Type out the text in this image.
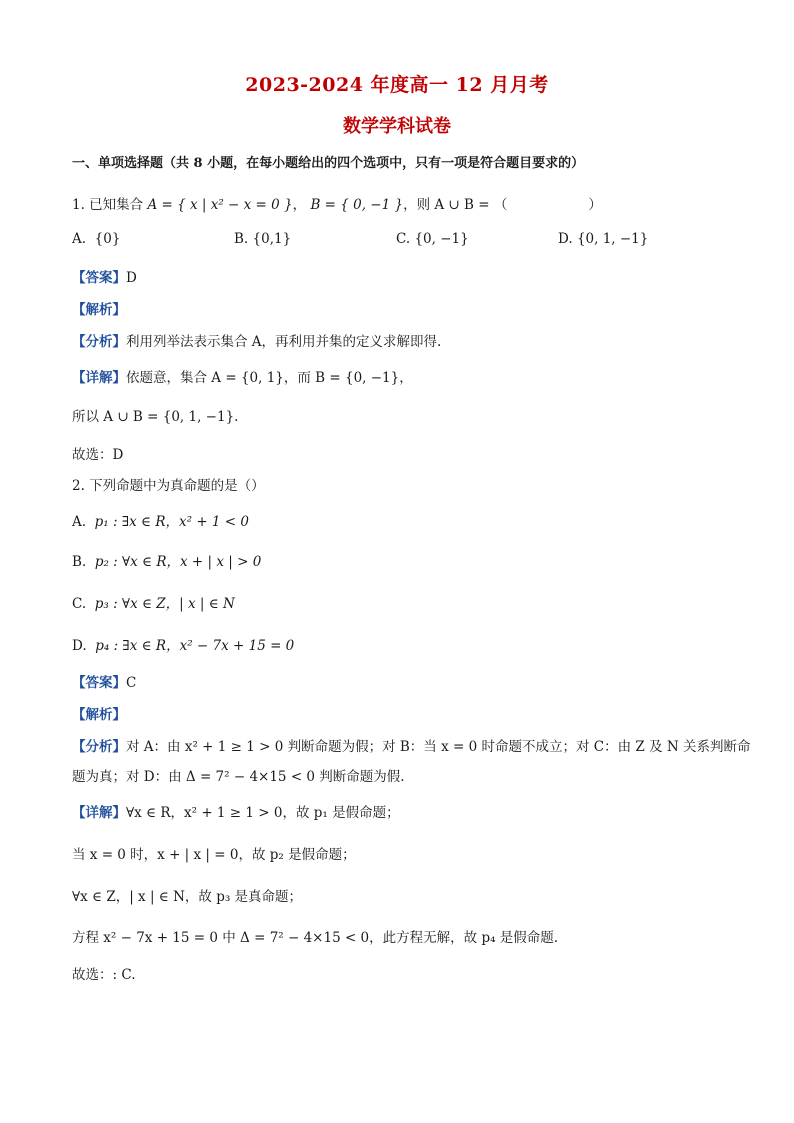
2023-2024 年度高一 12 月月考
数学学科试卷
一、单项选择题（共 8 小题，在每小题给出的四个选项中，只有一项是符合题目要求的）
1. 已知集合 A = { x | x² − x = 0 }， B = { 0, −1 }，则 A ∪ B = （　　　　　　）
A. {0}	B. {0,1}	C. {0, −1}	D. {0, 1, −1}
【答案】D
【解析】
【分析】利用列举法表示集合 A，再利用并集的定义求解即得.
【详解】依题意，集合 A = {0, 1}，而 B = {0, −1}，
所以 A ∪ B = {0, 1, −1}.
故选：D
2. 下列命题中为真命题的是（）
A. p₁ : ∃x ∈ R，x² + 1 < 0
B. p₂ : ∀x ∈ R，x + | x | > 0
C. p₃ : ∀x ∈ Z，| x | ∈ N
D. p₄ : ∃x ∈ R，x² − 7x + 15 = 0
【答案】C
【解析】
【分析】对 A：由 x² + 1 ≥ 1 > 0 判断命题为假；对 B：当 x = 0 时命题不成立；对 C：由 Z 及 N 关系判断命
题为真；对 D：由 Δ = 7² − 4×15 < 0 判断命题为假.
【详解】∀x ∈ R，x² + 1 ≥ 1 > 0，故 p₁ 是假命题；
当 x = 0 时，x + | x | = 0，故 p₂ 是假命题；
∀x ∈ Z，| x | ∈ N，故 p₃ 是真命题；
方程 x² − 7x + 15 = 0 中 Δ = 7² − 4×15 < 0，此方程无解，故 p₄ 是假命题.
故选：: C.
